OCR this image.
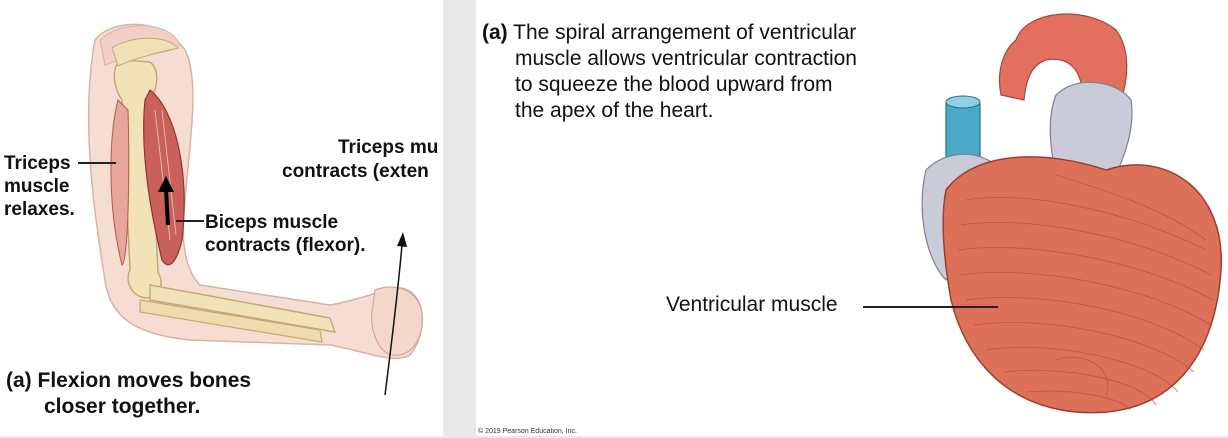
Triceps
muscle
relaxes.
Biceps muscle
contracts (flexor).
Triceps mu
contracts (exten
(a) Flexion moves bones
closer together.
(a) The spiral arrangement of ventricular
muscle allows ventricular contraction
to squeeze the blood upward from
the apex of the heart.
Ventricular muscle
© 2019 Pearson Education, Inc.
